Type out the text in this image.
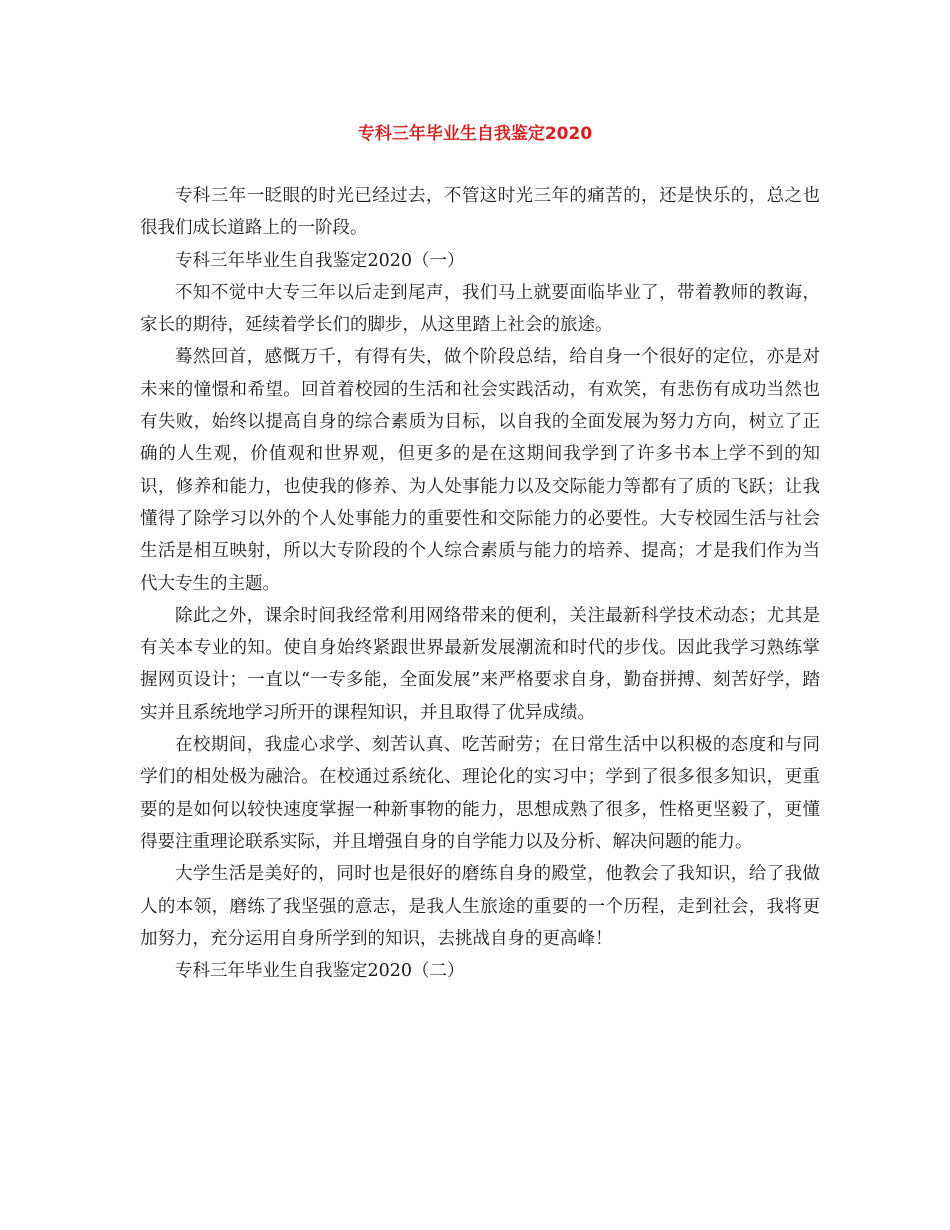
专科三年毕业生自我鉴定2020

专科三年一眨眼的时光已经过去，不管这时光三年的痛苦的，还是快乐的，总之也很我们成长道路上的一阶段。

专科三年毕业生自我鉴定2020（一）

不知不觉中大专三年以后走到尾声，我们马上就要面临毕业了，带着教师的教诲，家长的期待，延续着学长们的脚步，从这里踏上社会的旅途。

蓦然回首，感慨万千，有得有失，做个阶段总结，给自身一个很好的定位，亦是对未来的憧憬和希望。回首着校园的生活和社会实践活动，有欢笑，有悲伤有成功当然也有失败，始终以提高自身的综合素质为目标，以自我的全面发展为努力方向，树立了正确的人生观，价值观和世界观，但更多的是在这期间我学到了许多书本上学不到的知识，修养和能力，也使我的修养、为人处事能力以及交际能力等都有了质的飞跃；让我懂得了除学习以外的个人处事能力的重要性和交际能力的必要性。大专校园生活与社会生活是相互映射，所以大专阶段的个人综合素质与能力的培养、提高；才是我们作为当代大专生的主题。

除此之外，课余时间我经常利用网络带来的便利，关注最新科学技术动态；尤其是有关本专业的知。使自身始终紧跟世界最新发展潮流和时代的步伐。因此我学习熟练掌握网页设计；一直以“一专多能，全面发展”来严格要求自身，勤奋拼搏、刻苦好学，踏实并且系统地学习所开的课程知识，并且取得了优异成绩。

在校期间，我虚心求学、刻苦认真、吃苦耐劳；在日常生活中以积极的态度和与同学们的相处极为融洽。在校通过系统化、理论化的实习中；学到了很多很多知识，更重要的是如何以较快速度掌握一种新事物的能力，思想成熟了很多，性格更坚毅了，更懂得要注重理论联系实际，并且增强自身的自学能力以及分析、解决问题的能力。

大学生活是美好的，同时也是很好的磨练自身的殿堂，他教会了我知识，给了我做人的本领，磨练了我坚强的意志，是我人生旅途的重要的一个历程，走到社会，我将更加努力，充分运用自身所学到的知识，去挑战自身的更高峰！

专科三年毕业生自我鉴定2020（二）
